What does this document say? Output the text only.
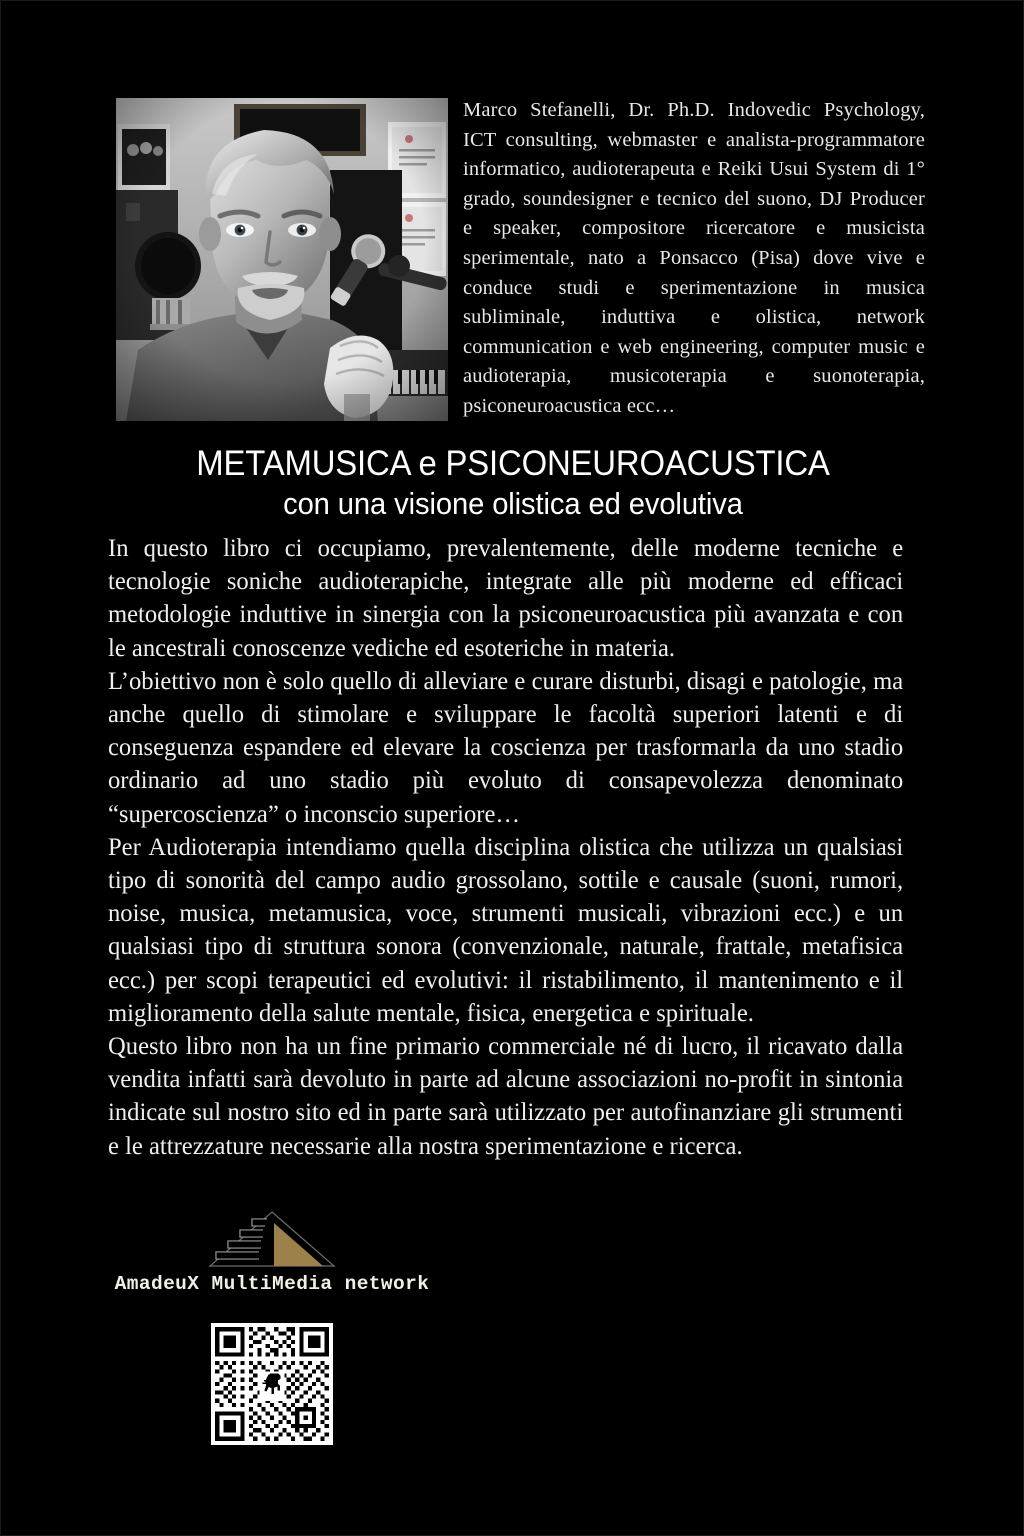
Marco Stefanelli, Dr. Ph.D. Indovedic Psychology, ICT consulting, webmaster e analista-programmatore informatico, audioterapeuta e Reiki Usui System di 1° grado, soundesigner e tecnico del suono, DJ Producer e speaker, compositore ricercatore e musicista sperimentale, nato a Ponsacco (Pisa) dove vive e conduce studi e sperimentazione in musica subliminale, induttiva e olistica, network communication e web engineering, computer music e audioterapia, musicoterapia e suonoterapia, psiconeuroacustica ecc…
METAMUSICA e PSICONEUROACUSTICA
con una visione olistica ed evolutiva

In questo libro ci occupiamo, prevalentemente, delle moderne tecniche e tecnologie soniche audioterapiche, integrate alle più moderne ed efficaci metodologie induttive in sinergia con la psiconeuroacustica più avanzata e con le ancestrali conoscenze vediche ed esoteriche in materia.

L’obiettivo non è solo quello di alleviare e curare disturbi, disagi e patologie, ma anche quello di stimolare e sviluppare le facoltà superiori latenti e di conseguenza espandere ed elevare la coscienza per trasformarla da uno stadio ordinario ad uno stadio più evoluto di consapevolezza denominato “supercoscienza” o inconscio superiore…

Per Audioterapia intendiamo quella disciplina olistica che utilizza un qualsiasi tipo di sonorità del campo audio grossolano, sottile e causale (suoni, rumori, noise, musica, metamusica, voce, strumenti musicali, vibrazioni ecc.) e un qualsiasi tipo di struttura sonora (convenzionale, naturale, frattale, metafisica ecc.) per scopi terapeutici ed evolutivi: il ristabilimento, il mantenimento e il miglioramento della salute mentale, fisica, energetica e spirituale.

Questo libro non ha un fine primario commerciale né di lucro, il ricavato dalla vendita infatti sarà devoluto in parte ad alcune associazioni no-profit in sintonia indicate sul nostro sito ed in parte sarà utilizzato per autofinanziare gli strumenti e le attrezzature necessarie alla nostra sperimentazione e ricerca.

AmadeuX MultiMedia network
